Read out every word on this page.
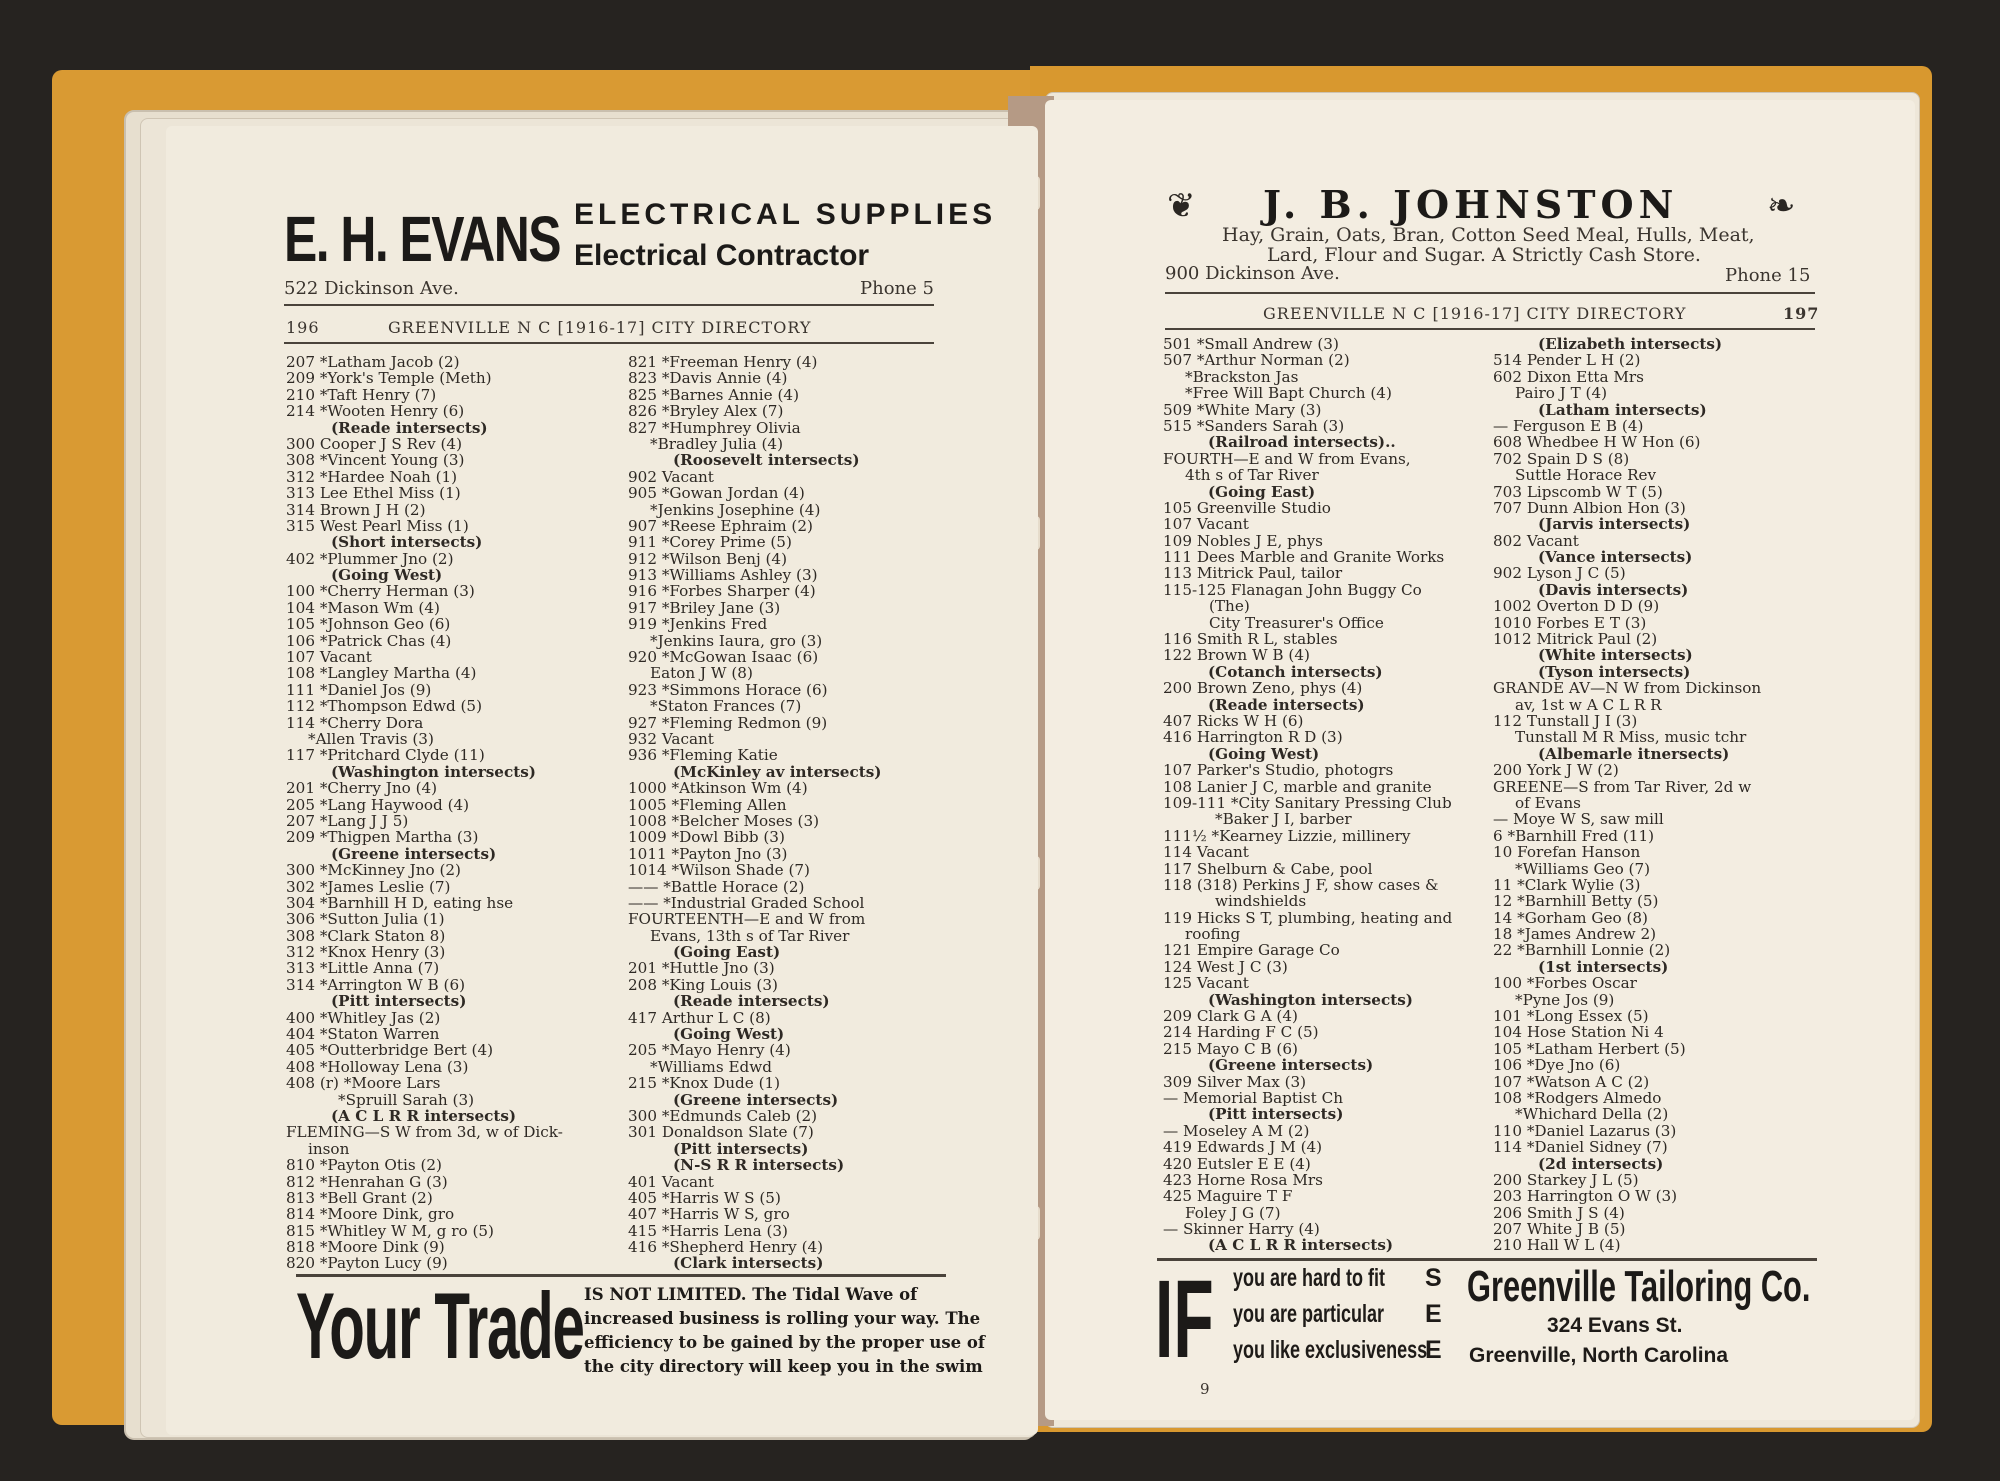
E. H. EVANS ELECTRICAL SUPPLIES
Electrical Contractor
522 Dickinson Ave.	Phone 5
196	GREENVILLE N C [1916-17] CITY DIRECTORY
207 *Latham Jacob (2)
209 *York's Temple (Meth)
210 *Taft Henry (7)
214 *Wooten Henry (6)
(Reade intersects)
300 Cooper J S Rev (4)
308 *Vincent Young (3)
312 *Hardee Noah (1)
313 Lee Ethel Miss (1)
314 Brown J H (2)
315 West Pearl Miss (1)
(Short intersects)
402 *Plummer Jno (2)
(Going West)
100 *Cherry Herman (3)
104 *Mason Wm (4)
105 *Johnson Geo (6)
106 *Patrick Chas (4)
107 Vacant
108 *Langley Martha (4)
111 *Daniel Jos (9)
112 *Thompson Edwd (5)
114 *Cherry Dora
*Allen Travis (3)
117 *Pritchard Clyde (11)
(Washington intersects)
201 *Cherry Jno (4)
205 *Lang Haywood (4)
207 *Lang J J 5)
209 *Thigpen Martha (3)
(Greene intersects)
300 *McKinney Jno (2)
302 *James Leslie (7)
304 *Barnhill H D, eating hse
306 *Sutton Julia (1)
308 *Clark Staton 8)
312 *Knox Henry (3)
313 *Little Anna (7)
314 *Arrington W B (6)
(Pitt intersects)
400 *Whitley Jas (2)
404 *Staton Warren
405 *Outterbridge Bert (4)
408 *Holloway Lena (3)
408 (r) *Moore Lars
*Spruill Sarah (3)
(A C L R R intersects)
FLEMING—S W from 3d, w of Dick-
inson
810 *Payton Otis (2)
812 *Henrahan G (3)
813 *Bell Grant (2)
814 *Moore Dink, gro
815 *Whitley W M, g ro (5)
818 *Moore Dink (9)
820 *Payton Lucy (9)
821 *Freeman Henry (4)
823 *Davis Annie (4)
825 *Barnes Annie (4)
826 *Bryley Alex (7)
827 *Humphrey Olivia
*Bradley Julia (4)
(Roosevelt intersects)
902 Vacant
905 *Gowan Jordan (4)
*Jenkins Josephine (4)
907 *Reese Ephraim (2)
911 *Corey Prime (5)
912 *Wilson Benj (4)
913 *Williams Ashley (3)
916 *Forbes Sharper (4)
917 *Briley Jane (3)
919 *Jenkins Fred
*Jenkins Iaura, gro (3)
920 *McGowan Isaac (6)
Eaton J W (8)
923 *Simmons Horace (6)
*Staton Frances (7)
927 *Fleming Redmon (9)
932 Vacant
936 *Fleming Katie
(McKinley av intersects)
1000 *Atkinson Wm (4)
1005 *Fleming Allen
1008 *Belcher Moses (3)
1009 *Dowl Bibb (3)
1011 *Payton Jno (3)
1014 *Wilson Shade (7)
—— *Battle Horace (2)
—— *Industrial Graded School
FOURTEENTH—E and W from
Evans, 13th s of Tar River
(Going East)
201 *Huttle Jno (3)
208 *King Louis (3)
(Reade intersects)
417 Arthur L C (8)
(Going West)
205 *Mayo Henry (4)
*Williams Edwd
215 *Knox Dude (1)
(Greene intersects)
300 *Edmunds Caleb (2)
301 Donaldson Slate (7)
(Pitt intersects)
(N-S R R intersects)
401 Vacant
405 *Harris W S (5)
407 *Harris W S, gro
415 *Harris Lena (3)
416 *Shepherd Henry (4)
(Clark intersects)
Your Trade IS NOT LIMITED. The Tidal Wave of
increased business is rolling your way. The
efficiency to be gained by the proper use of
the city directory will keep you in the swim
❦	❧
J. B. JOHNSTON
Hay, Grain, Oats, Bran, Cotton Seed Meal, Hulls, Meat,
Lard, Flour and Sugar. A Strictly Cash Store.
900 Dickinson Ave.	Phone 15
GREENVILLE N C [1916-17] CITY DIRECTORY	197
501 *Small Andrew (3)
507 *Arthur Norman (2)
*Brackston Jas
*Free Will Bapt Church (4)
509 *White Mary (3)
515 *Sanders Sarah (3)
(Railroad intersects)..
FOURTH—E and W from Evans,
4th s of Tar River
(Going East)
105 Greenville Studio
107 Vacant
109 Nobles J E, phys
111 Dees Marble and Granite Works
113 Mitrick Paul, tailor
115-125 Flanagan John Buggy Co
(The)
City Treasurer's Office
116 Smith R L, stables
122 Brown W B (4)
(Cotanch intersects)
200 Brown Zeno, phys (4)
(Reade intersects)
407 Ricks W H (6)
416 Harrington R D (3)
(Going West)
107 Parker's Studio, photogrs
108 Lanier J C, marble and granite
109-111 *City Sanitary Pressing Club
*Baker J I, barber
111½ *Kearney Lizzie, millinery
114 Vacant
117 Shelburn & Cabe, pool
118 (318) Perkins J F, show cases &
windshields
119 Hicks S T, plumbing, heating and
roofing
121 Empire Garage Co
124 West J C (3)
125 Vacant
(Washington intersects)
209 Clark G A (4)
214 Harding F C (5)
215 Mayo C B (6)
(Greene intersects)
309 Silver Max (3)
— Memorial Baptist Ch
(Pitt intersects)
— Moseley A M (2)
419 Edwards J M (4)
420 Eutsler E E (4)
423 Horne Rosa Mrs
425 Maguire T F
Foley J G (7)
— Skinner Harry (4)
(A C L R R intersects)
(Elizabeth intersects)
514 Pender L H (2)
602 Dixon Etta Mrs
Pairo J T (4)
(Latham intersects)
— Ferguson E B (4)
608 Whedbee H W Hon (6)
702 Spain D S (8)
Suttle Horace Rev
703 Lipscomb W T (5)
707 Dunn Albion Hon (3)
(Jarvis intersects)
802 Vacant
(Vance intersects)
902 Lyson J C (5)
(Davis intersects)
1002 Overton D D (9)
1010 Forbes E T (3)
1012 Mitrick Paul (2)
(White intersects)
(Tyson intersects)
GRANDE AV—N W from Dickinson
av, 1st w A C L R R
112 Tunstall J I (3)
Tunstall M R Miss, music tchr
(Albemarle itnersects)
200 York J W (2)
GREENE—S from Tar River, 2d w
of Evans
— Moye W S, saw mill
6 *Barnhill Fred (11)
10 Forefan Hanson
*Williams Geo (7)
11 *Clark Wylie (3)
12 *Barnhill Betty (5)
14 *Gorham Geo (8)
18 *James Andrew 2)
22 *Barnhill Lonnie (2)
(1st intersects)
100 *Forbes Oscar
*Pyne Jos (9)
101 *Long Essex (5)
104 Hose Station Ni 4
105 *Latham Herbert (5)
106 *Dye Jno (6)
107 *Watson A C (2)
108 *Rodgers Almedo
*Whichard Della (2)
110 *Daniel Lazarus (3)
114 *Daniel Sidney (7)
(2d intersects)
200 Starkey J L (5)
203 Harrington O W (3)
206 Smith J S (4)
207 White J B (5)
210 Hall W L (4)
IF you are hard to fit
you are particular
you like exclusiveness
S
E
E
Greenville Tailoring Co.
324 Evans St.
Greenville, North Carolina
9
